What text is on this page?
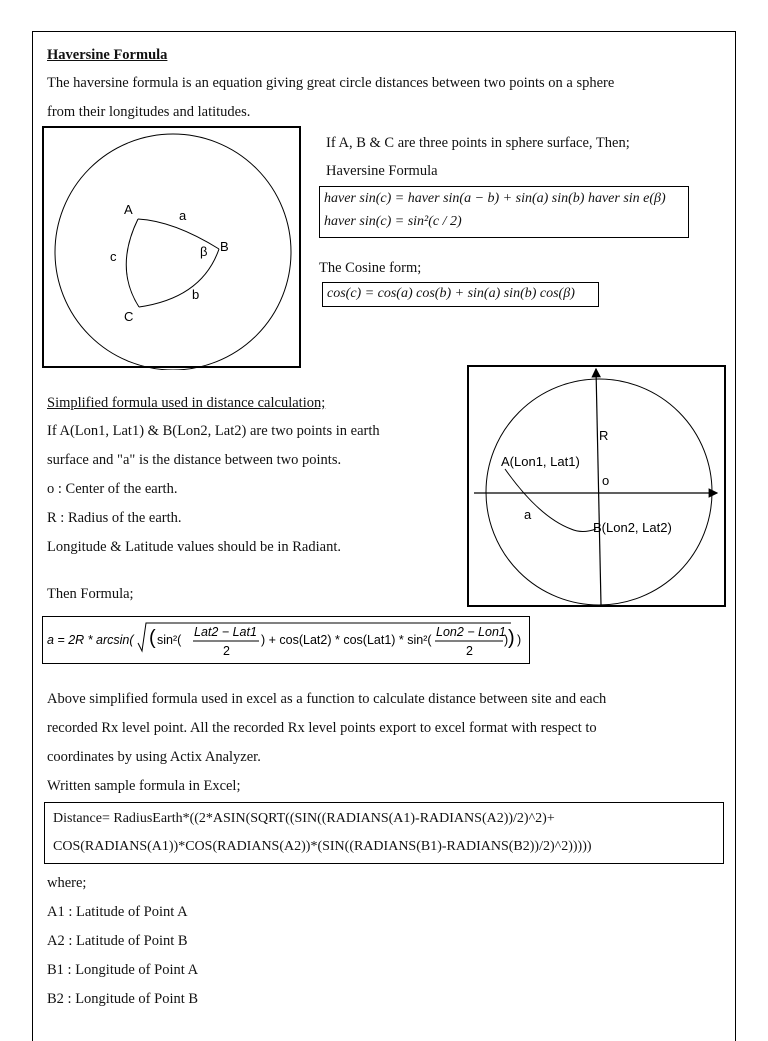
Haversine Formula
The haversine formula is an equation giving great circle distances between two points on a sphere
from their longitudes and latitudes.
A
B
C
a
b
c	β
If A, B & C are three points in sphere surface, Then;
Haversine Formula
haver sin(c) = haver sin(a − b) + sin(a) sin(b) haver sin e(β)
haver sin(c) = sin²(c / 2)
The Cosine form;
cos(c) = cos(a) cos(b) + sin(a) sin(b) cos(β)
R
A(Lon1, Lat1)
o
a
B(Lon2, Lat2)
Simplified formula used in distance calculation;
If A(Lon1, Lat1) & B(Lon2, Lat2) are two points in earth
surface and "a" is the distance between two points.
o : Center of the earth.
R : Radius of the earth.
Longitude & Latitude values should be in Radiant.
Then Formula;
a = 2R * arcsin( ( sin²(
Lat2 − Lat1
2
) + cos(Lat2) * cos(Lat1) * sin²(
Lon2 − Lon1
2
) ) )
Above simplified formula used in excel as a function to calculate distance between site and each
recorded Rx level point. All the recorded Rx level points export to excel format with respect to
coordinates by using Actix Analyzer.
Written sample formula in Excel;
Distance= RadiusEarth*((2*ASIN(SQRT((SIN((RADIANS(A1)-RADIANS(A2))/2)^2)+
COS(RADIANS(A1))*COS(RADIANS(A2))*(SIN((RADIANS(B1)-RADIANS(B2))/2)^2)))))
where;
A1 : Latitude of Point A
A2 : Latitude of Point B
B1 : Longitude of Point A
B2 : Longitude of Point B
